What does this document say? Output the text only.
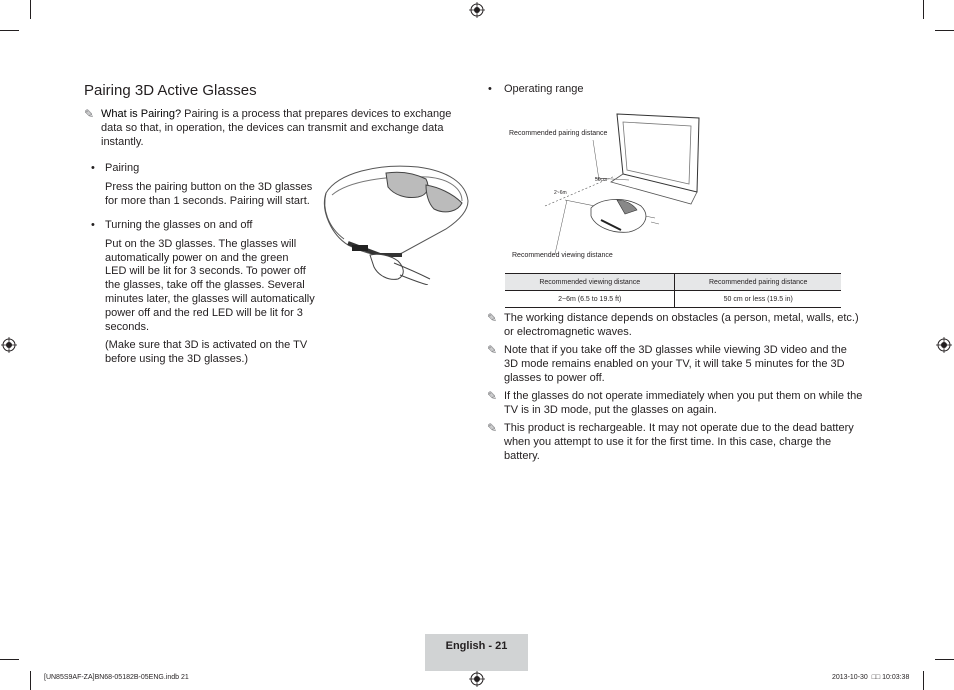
Pairing 3D Active Glasses
✎ What is Pairing? Pairing is a process that prepares devices to exchange

data so that, in operation, the devices can transmit and exchange data

instantly.

• Pairing

Press the pairing button on the 3D glasses

for more than 1 seconds. Pairing will start.

• Turning the glasses on and off

Put on the 3D glasses. The glasses will

automatically power on and the green

LED will be lit for 3 seconds. To power off

the glasses, take off the glasses. Several

minutes later, the glasses will automatically

power off and the red LED will be lit for 3

seconds.

(Make sure that 3D is activated on the TV

before using the 3D glasses.)

• Operating range

Recommended pairing distance
50cm
2~6m
Recommended viewing distance
Recommended viewing distance	Recommended pairing distance
2~6m (6.5 to 19.5 ft)	50 cm or less (19.5 in)
✎ The working distance depends on obstacles (a person, metal, walls, etc.)

or electromagnetic waves.

✎ Note that if you take off the 3D glasses while viewing 3D video and the

3D mode remains enabled on your TV, it will take 5 minutes for the 3D

glasses to power off.

✎ If the glasses do not operate immediately when you put them on while the

TV is in 3D mode, put the glasses on again.

✎ This product is rechargeable. It may not operate due to the dead battery

when you attempt to use it for the first time. In this case, charge the

battery.

English - 21
[UN85S9AF-ZA]BN68-05182B-05ENG.indb 21	2013-10-30  □□ 10:03:38
